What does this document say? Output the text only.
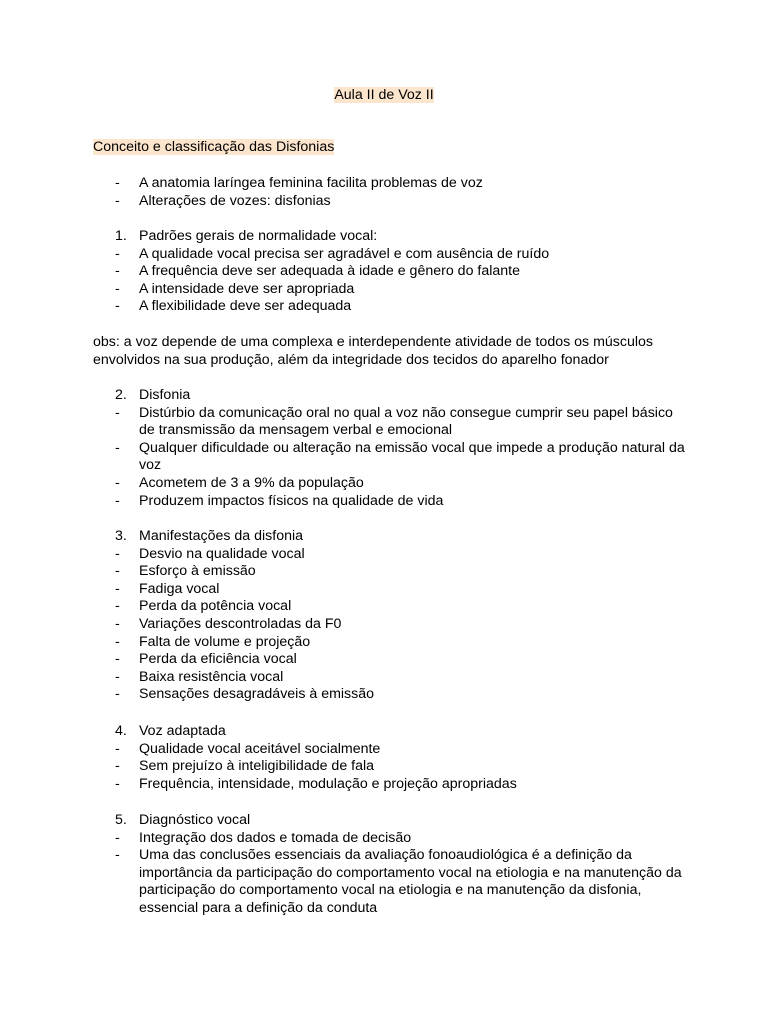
Aula II de Voz II
Conceito e classificação das Disfonias
- A anatomia laríngea feminina facilita problemas de voz
- Alterações de vozes: disfonias
1. Padrões gerais de normalidade vocal:
- A qualidade vocal precisa ser agradável e com ausência de ruído
- A frequência deve ser adequada à idade e gênero do falante
- A intensidade deve ser apropriada
- A flexibilidade deve ser adequada
obs: a voz depende de uma complexa e interdependente atividade de todos os músculos envolvidos na sua produção, além da integridade dos tecidos do aparelho fonador
2. Disfonia
- Distúrbio da comunicação oral no qual a voz não consegue cumprir seu papel básico de transmissão da mensagem verbal e emocional
- Qualquer dificuldade ou alteração na emissão vocal que impede a produção natural da voz
- Acometem de 3 a 9% da população
- Produzem impactos físicos na qualidade de vida
3. Manifestações da disfonia
- Desvio na qualidade vocal
- Esforço à emissão
- Fadiga vocal
- Perda da potência vocal
- Variações descontroladas da F0
- Falta de volume e projeção
- Perda da eficiência vocal
- Baixa resistência vocal
- Sensações desagradáveis à emissão
4. Voz adaptada
- Qualidade vocal aceitável socialmente
- Sem prejuízo à inteligibilidade de fala
- Frequência, intensidade, modulação e projeção apropriadas
5. Diagnóstico vocal
- Integração dos dados e tomada de decisão
- Uma das conclusões essenciais da avaliação fonoaudiológica é a definição da importância da participação do comportamento vocal na etiologia e na manutenção da participação do comportamento vocal na etiologia e na manutenção da disfonia, essencial para a definição da conduta
